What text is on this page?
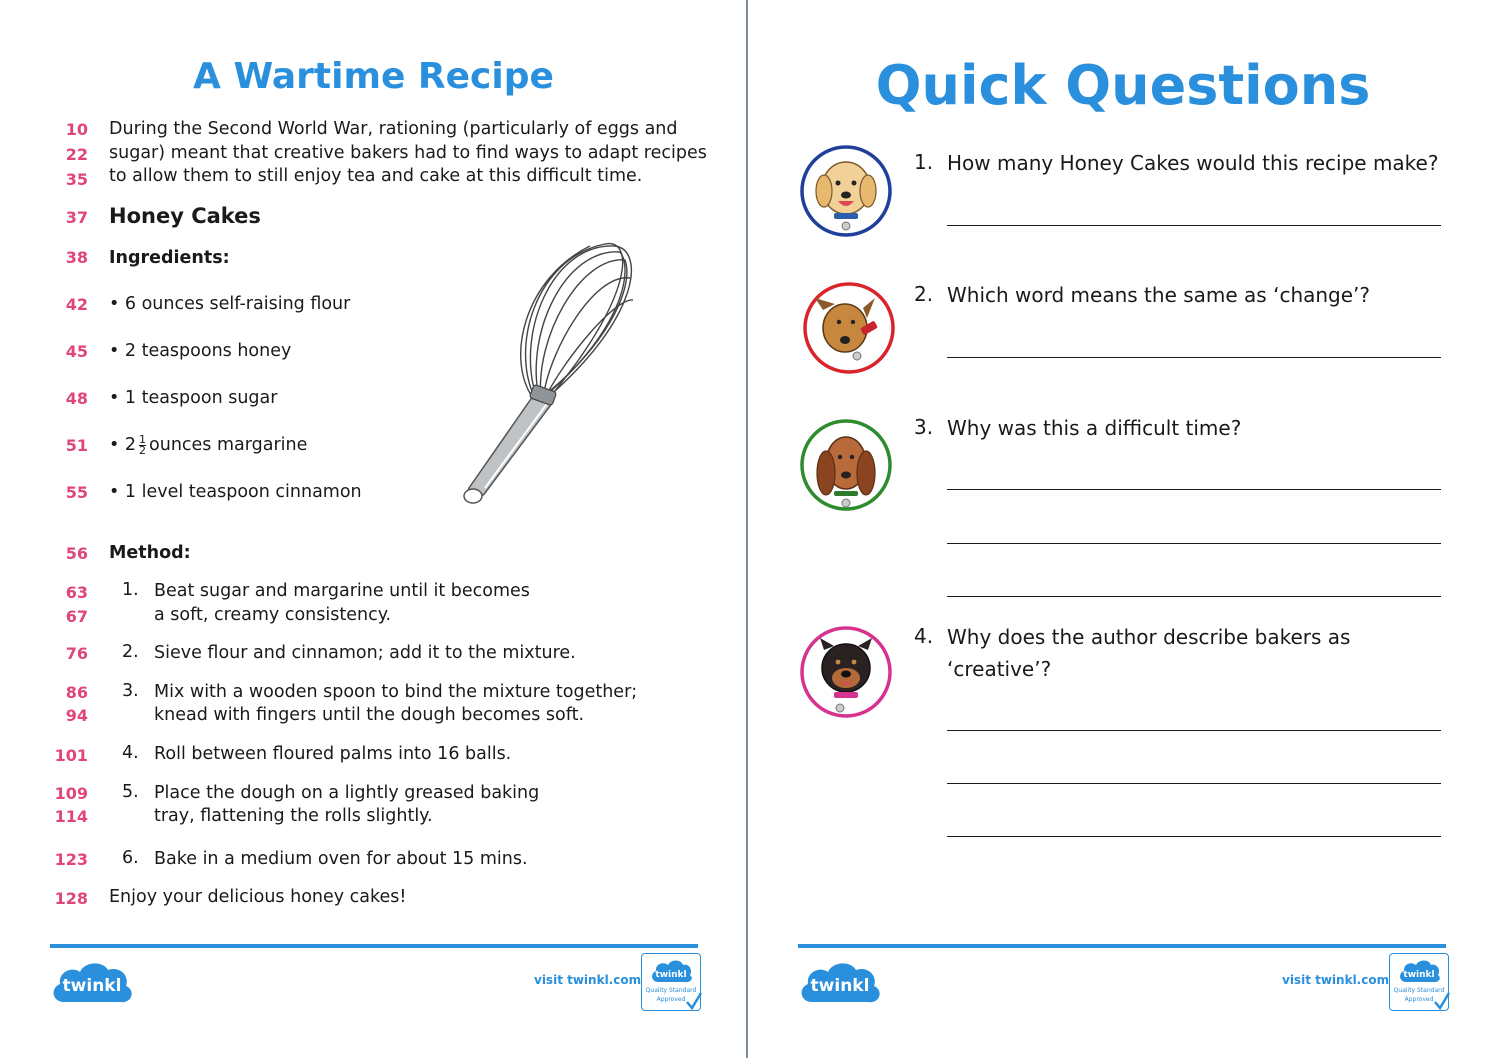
A Wartime Recipe
10
22
35
During the Second World War, rationing (particularly of eggs and
sugar) meant that creative bakers had to find ways to adapt recipes
to allow them to still enjoy tea and cake at this difficult time.
37 Honey Cakes
38 Ingredients:
42 • 6 ounces self-raising flour
45 • 2 teaspoons honey
48 • 1 teaspoon sugar
51 • $2 \frac{1}{2}$ ounces margarine
55 • 1 level teaspoon cinnamon
56 Method:
63
67
1. Beat sugar and margarine until it becomes
a soft, creamy consistency.
76 2. Sieve flour and cinnamon; add it to the mixture.
86
94
3. Mix with a wooden spoon to bind the mixture together;
knead with fingers until the dough becomes soft.
101 4. Roll between floured palms into 16 balls.
109
114
5. Place the dough on a lightly greased baking
tray, flattening the rolls slightly.
123 6. Bake in a medium oven for about 15 mins.
128 Enjoy your delicious honey cakes!
twinkl	visit twinkl.com twinkl
Quality Standard
Approved
Quick Questions
1. How many Honey Cakes would this recipe make?
2. Which word means the same as ‘change’?
3. Why was this a difficult time?
4. Why does the author describe bakers as ‘creative’?
twinkl	visit twinkl.com twinkl
Quality Standard
Approved
